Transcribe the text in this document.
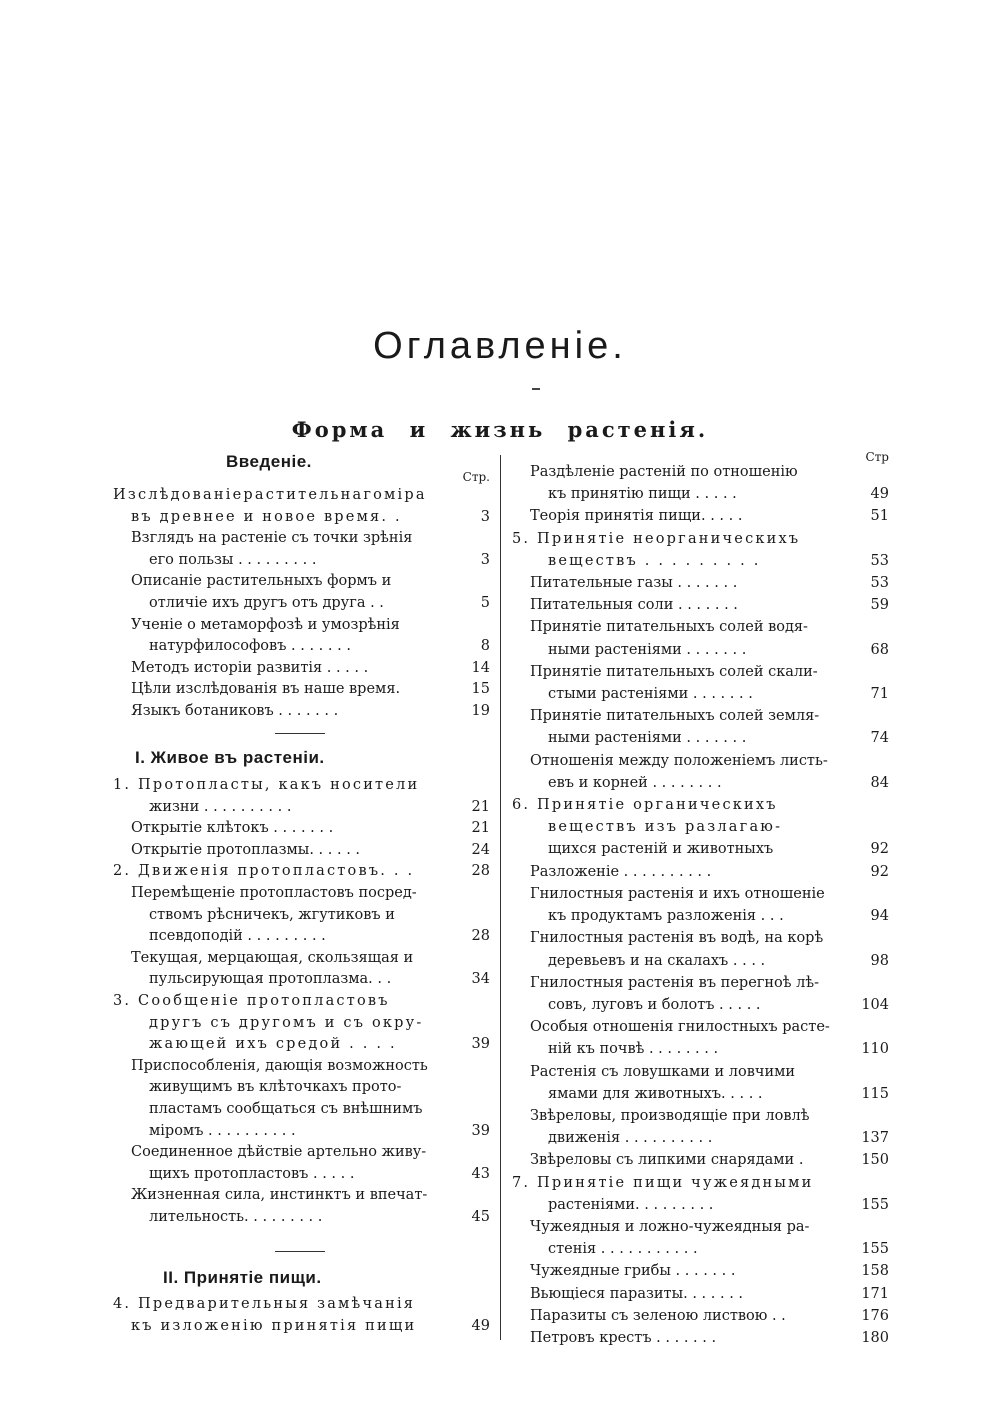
Оглавленіе.
Форма и жизнь растенія.
Стр.
Введеніе.
Изслѣдованіерастительнагоміра
въ древнее и новое время. .	3
Взглядъ на растеніе съ точки зрѣнія
его пользы . . . . . . . . .	3
Описаніе растительныхъ формъ и
отличіе ихъ другъ отъ друга . .	5
Ученіе о метаморфозѣ и умозрѣнія
натурфилософовъ . . . . . . .	8
Методъ исторіи развитія . . . . .	14
Цѣли изслѣдованія въ наше время.	15
Языкъ ботаниковъ . . . . . . .	19
I. Живое въ растеніи.
1. Протопласты, какъ носители
жизни . . . . . . . . . .	21
Открытіе клѣтокъ . . . . . . .	21
Открытіе протоплазмы. . . . . .	24
2. Движенія протопластовъ. . .	28
Перемѣщеніе протопластовъ посред-
ствомъ рѣсничекъ, жгутиковъ и
псевдоподій . . . . . . . . .	28
Текущая, мерцающая, скользящая и
пульсирующая протоплазма. . .	34
3. Сообщеніе протопластовъ
другъ съ другомъ и съ окру-
жающей ихъ средой . . . .	39
Приспособленія, дающія возможность
живущимъ въ клѣточкахъ прото-
пластамъ сообщаться съ внѣшнимъ
міромъ . . . . . . . . . .	39
Соединенное дѣйствіе артельно живу-
щихъ протопластовъ . . . . .	43
Жизненная сила, инстинктъ и впечат-
лительность. . . . . . . . .	45
II. Принятіе пищи.
4. Предварительныя замѣчанія
къ изложенію принятія пищи	49
Стр
Раздѣленіе растеній по отношенію
къ принятію пищи . . . . .	49
Теорія принятія пищи. . . . .	51
5. Принятіе неорганическихъ
веществъ . . . . . . . . .	53
Питательные газы . . . . . . .	53
Питательныя соли . . . . . . .	59
Принятіе питательныхъ солей водя-
ными растеніями . . . . . . .	68
Принятіе питательныхъ солей скали-
стыми растеніями . . . . . . .	71
Принятіе питательныхъ солей земля-
ными растеніями . . . . . . .	74
Отношенія между положеніемъ листь-
евъ и корней . . . . . . . .	84
6. Принятіе органическихъ
веществъ изъ разлагаю-
щихся растеній и животныхъ	92
Разложеніе . . . . . . . . . .	92
Гнилостныя растенія и ихъ отношеніе
къ продуктамъ разложенія . . .	94
Гнилостныя растенія въ водѣ, на корѣ
деревьевъ и на скалахъ . . . .	98
Гнилостныя растенія въ перегноѣ лѣ-
совъ, луговъ и болотъ . . . . .	104
Особыя отношенія гнилостныхъ расте-
ній къ почвѣ . . . . . . . .	110
Растенія съ ловушками и ловчими
ямами для животныхъ. . . . .	115
Звѣреловы, производящіе при ловлѣ
движенія . . . . . . . . . .	137
Звѣреловы съ липкими снарядами .	150
7. Принятіе пищи чужеядными
растеніями. . . . . . . . .	155
Чужеядныя и ложно-чужеядныя ра-
стенія . . . . . . . . . . .	155
Чужеядные грибы . . . . . . .	158
Вьющіеся паразиты. . . . . . .	171
Паразиты съ зеленою листвою . .	176
Петровъ крестъ . . . . . . .	180
